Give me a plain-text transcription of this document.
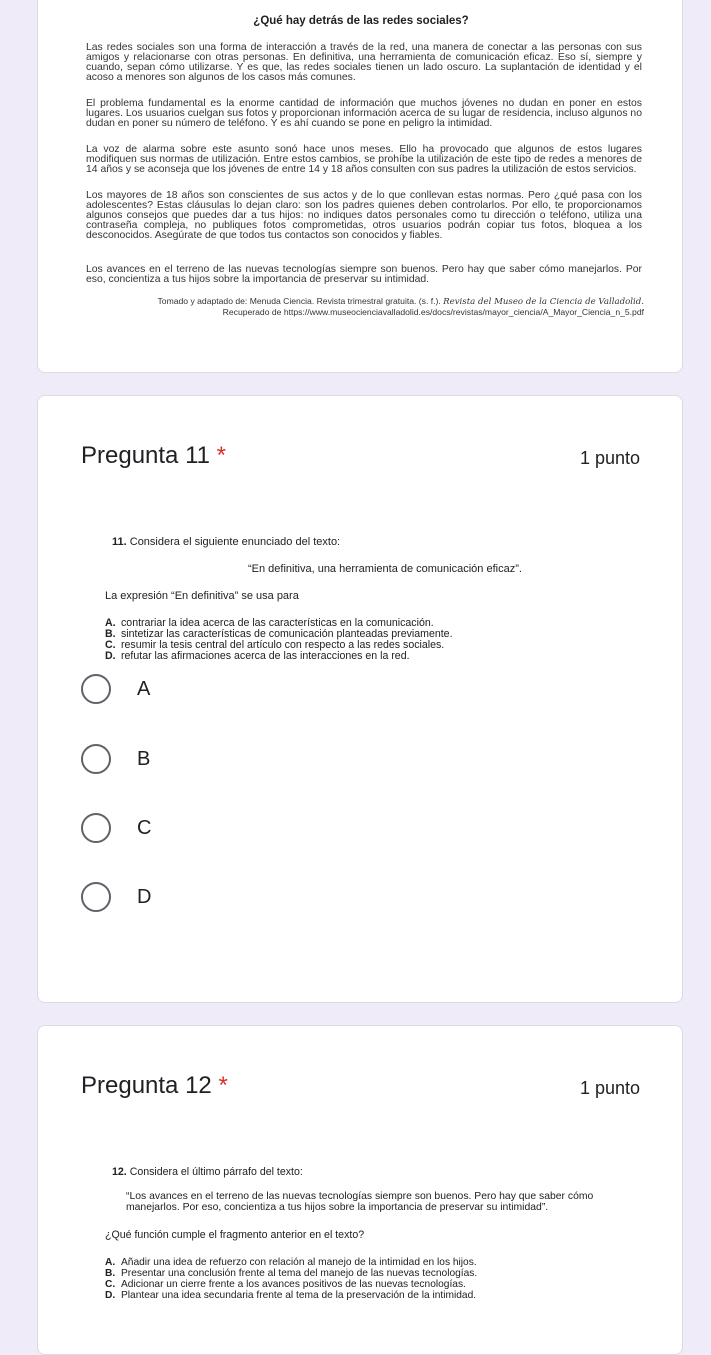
¿Qué hay detrás de las redes sociales?

Las redes sociales son una forma de interacción a través de la red, una manera de conectar a las personas con sus amigos y relacionarse con otras personas. En definitiva, una herramienta de comunicación eficaz. Eso sí, siempre y cuando, sepan cómo utilizarse. Y es que, las redes sociales tienen un lado oscuro. La suplantación de identidad y el acoso a menores son algunos de los casos más comunes.

El problema fundamental es la enorme cantidad de información que muchos jóvenes no dudan en poner en estos lugares. Los usuarios cuelgan sus fotos y proporcionan información acerca de su lugar de residencia, incluso algunos no dudan en poner su número de teléfono. Y es ahí cuando se pone en peligro la intimidad.

La voz de alarma sobre este asunto sonó hace unos meses. Ello ha provocado que algunos de estos lugares modifiquen sus normas de utilización. Entre estos cambios, se prohíbe la utilización de este tipo de redes a menores de 14 años y se aconseja que los jóvenes de entre 14 y 18 años consulten con sus padres la utilización de estos servicios.

Los mayores de 18 años son conscientes de sus actos y de lo que conllevan estas normas. Pero ¿qué pasa con los adolescentes? Estas cláusulas lo dejan claro: son los padres quienes deben controlarlos. Por ello, te proporcionamos algunos consejos que puedes dar a tus hijos: no indiques datos personales como tu dirección o teléfono, utiliza una contraseña compleja, no publiques fotos comprometidas, otros usuarios podrán copiar tus fotos, bloquea a los desconocidos. Asegúrate de que todos tus contactos son conocidos y fiables.

Los avances en el terreno de las nuevas tecnologías siempre son buenos. Pero hay que saber cómo manejarlos. Por eso, concientiza a tus hijos sobre la importancia de preservar su intimidad.

Tomado y adaptado de: Menuda Ciencia. Revista trimestral gratuita. (s. f.). Revista del Museo de la Ciencia de Valladolid.
Recuperado de https://www.museocienciavalladolid.es/docs/revistas/mayor_ciencia/A_Mayor_Ciencia_n_5.pdf

Pregunta 11 *	1 punto
11. Considera el siguiente enunciado del texto:
“En definitiva, una herramienta de comunicación eficaz”.
La expresión “En definitiva” se usa para
A. contrariar la idea acerca de las características en la comunicación.
B. sintetizar las características de comunicación planteadas previamente.
C. resumir la tesis central del artículo con respecto a las redes sociales.
D. refutar las afirmaciones acerca de las interacciones en la red.
A
B
C
D
Pregunta 12 *	1 punto
12. Considera el último párrafo del texto:
“Los avances en el terreno de las nuevas tecnologías siempre son buenos. Pero hay que saber cómo manejarlos. Por eso, concientiza a tus hijos sobre la importancia de preservar su intimidad”.
¿Qué función cumple el fragmento anterior en el texto?
A. Añadir una idea de refuerzo con relación al manejo de la intimidad en los hijos.
B. Presentar una conclusión frente al tema del manejo de las nuevas tecnologías.
C. Adicionar un cierre frente a los avances positivos de las nuevas tecnologías.
D. Plantear una idea secundaria frente al tema de la preservación de la intimidad.
